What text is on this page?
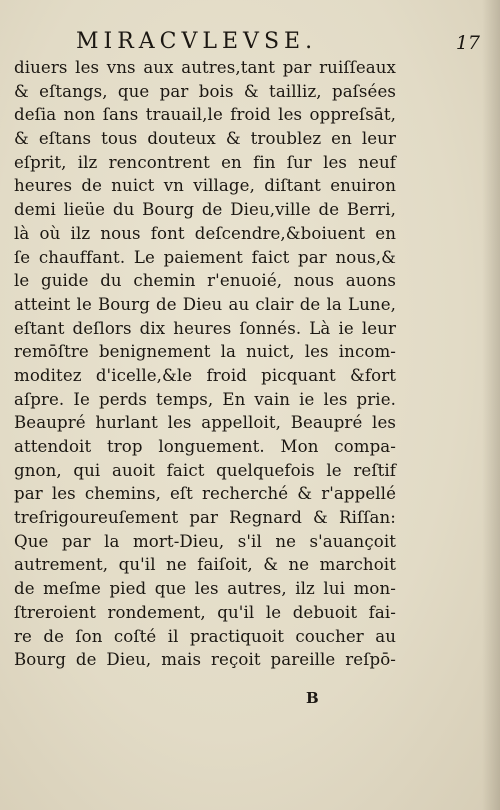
MIRACVLEVSE.	17
diuers les vns aux autres,tant par ruiſſeaux
& eſtangs, que par bois & tailliz, paſsées
deſia non ſans trauail,le froid les oppreſsāt,
& eſtans tous douteux & troublez en leur
eſprit, ilz rencontrent en fin ſur les neuf
heures de nuict vn village, diſtant enuiron
demi lieüe du Bourg de Dieu,ville de Berri,
là où ilz nous font deſcendre,&boiuent en
ſe chauffant. Le paiement faict par nous,&
le guide du chemin r'enuoié, nous auons
atteint le Bourg de Dieu au clair de la Lune,
eſtant deſlors dix heures ſonnés. Là ie leur
remōſtre benignement la nuict, les incom-
moditez d'icelle,&le froid picquant &fort
aſpre. Ie perds temps, En vain ie les prie.
Beaupré hurlant les appelloit, Beaupré les
attendoit trop longuement. Mon compa-
gnon, qui auoit faict quelquefois le reſtif
par les chemins, eſt recherché & r'appellé
treſrigoureuſement par Regnard & Riſſan:
Que par la mort-Dieu, s'il ne s'auançoit
autrement, qu'il ne faiſoit, & ne marchoit
de meſme pied que les autres, ilz lui mon-
ſtreroient rondement, qu'il le debuoit fai-
re de ſon coſté il practiquoit coucher au
Bourg de Dieu, mais reçoit pareille reſpō-
B
